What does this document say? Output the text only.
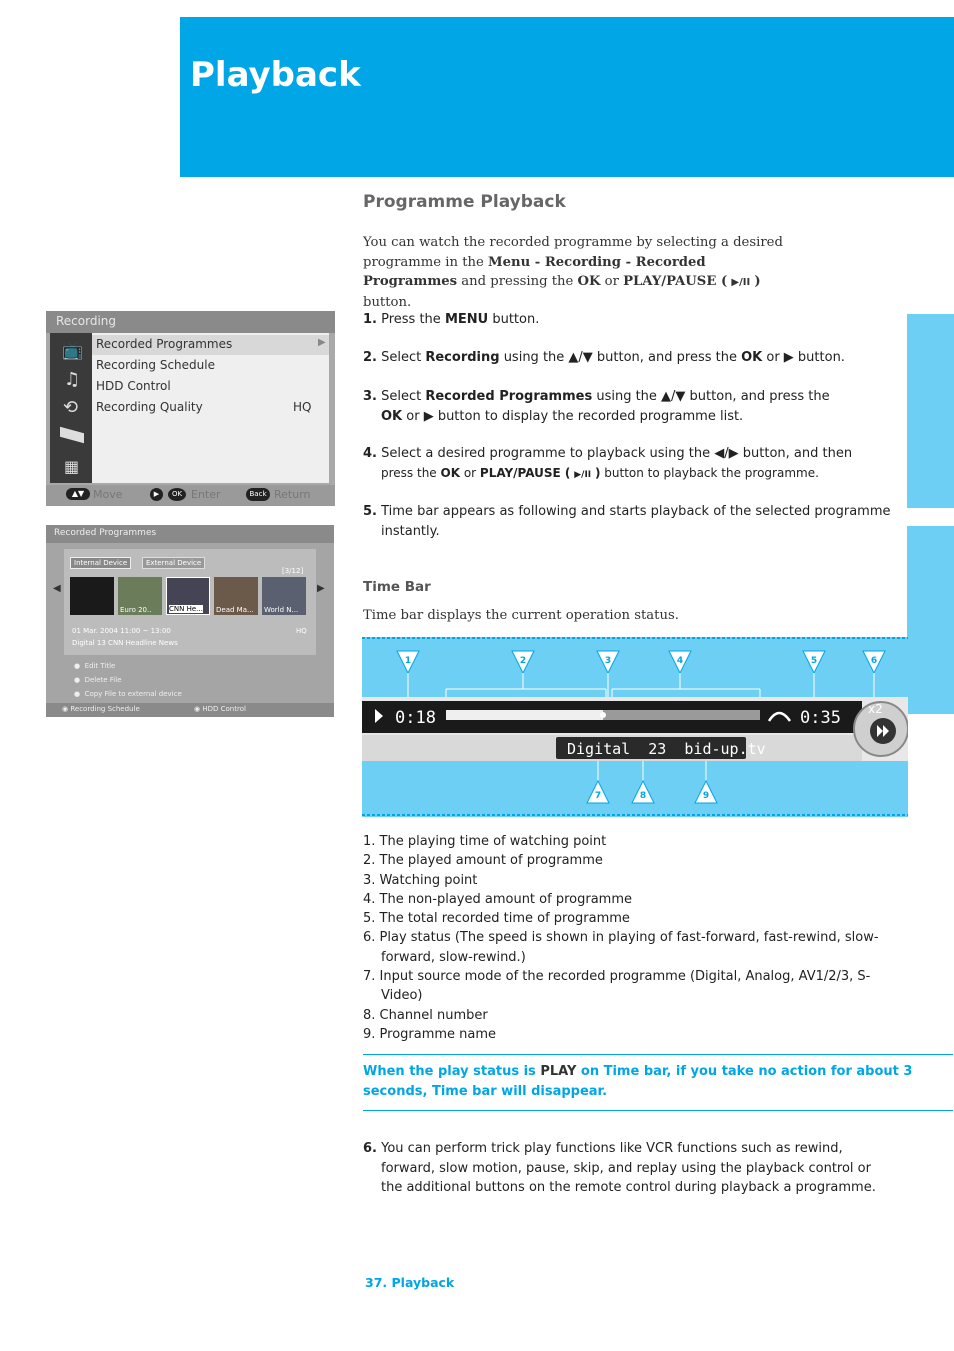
Playback
Programme Playback
You can watch the recorded programme by selecting a desired programme in the Menu - Recording - Recorded Programmes and pressing the OK or PLAY/PAUSE ( ▶/II ) button.
1. Press the MENU button.
2. Select Recording using the ▲/▼ button, and press the OK or ▶ button.
3. Select Recorded Programmes using the ▲/▼ button, and press the
OK or ▶ button to display the recorded programme list.
4. Select a desired programme to playback using the ◀/▶ button, and then
press the OK or PLAY/PAUSE ( ▶/II ) button to playback the programme.
5. Time bar appears as following and starts playback of the selected programme
instantly.
Time Bar
Time bar displays the current operation status.
1	2	3	4	5	6
7	8	9
0:18	0:35 x2
Digital  23  bid-up.tv
1. The playing time of watching point
2. The played amount of programme
3. Watching point
4. The non-played amount of programme
5. The total recorded time of programme
6. Play status (The speed is shown in playing of fast-forward, fast-rewind, slow-forward, slow-rewind.)
7. Input source mode of the recorded programme (Digital, Analog, AV1/2/3, S-Video)
8. Channel number
9. Programme name
When the play status is PLAY on Time bar, if you take no action for about 3 seconds, Time bar will disappear.
6. You can perform trick play functions like VCR functions such as rewind,
forward, slow motion, pause, skip, and replay using the playback control or
the additional buttons on the remote control during playback a programme.
37. Playback
Recording
📺
♫
⟲
▦
Recorded Programmes	▶
Recording Schedule
HDD Control
Recording Quality	HQ
▲▼ Move	▶	OK Enter	Back Return
Recorded Programmes
Internal Device	External Device
[3/12]
Euro 20..	CNN He... Dead Ma... World N...
01 Mar. 2004 11:00 ~ 13:00	HQ
Digital 13 CNN Headline News
◀	▶
●  Edit Title
●  Delete File
●  Copy File to external device
◉ Recording Schedule	◉ HDD Control
